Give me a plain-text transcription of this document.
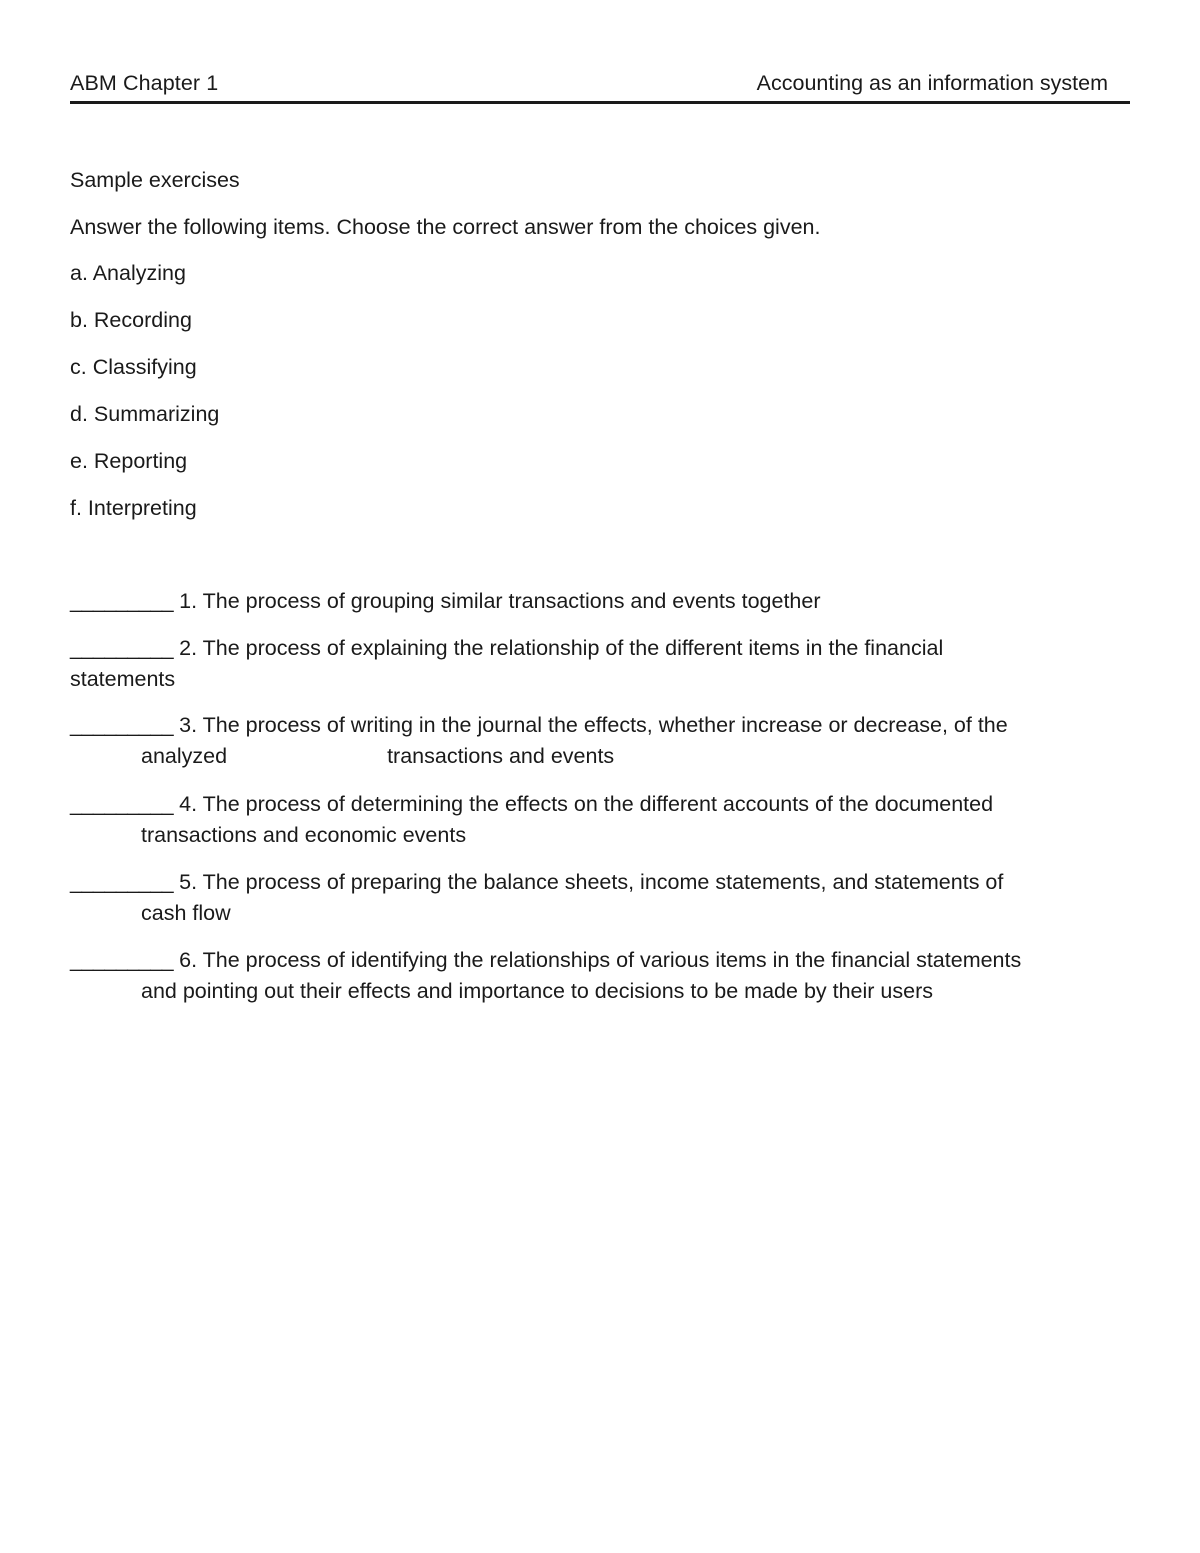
ABM Chapter 1	Accounting as an information system
Sample exercises
Answer the following items. Choose the correct answer from the choices given.
a. Analyzing
b. Recording
c. Classifying
d. Summarizing
e. Reporting
f. Interpreting
_________ 1. The process of grouping similar transactions and events together
_________ 2. The process of explaining the relationship of the different items in the financial
statements
_________ 3. The process of writing in the journal the effects, whether increase or decrease, of the
analyzed	transactions and events
_________ 4. The process of determining the effects on the different accounts of the documented
transactions and economic events
_________ 5. The process of preparing the balance sheets, income statements, and statements of
cash flow
_________ 6. The process of identifying the relationships of various items in the financial statements
and pointing out their effects and importance to decisions to be made by their users
